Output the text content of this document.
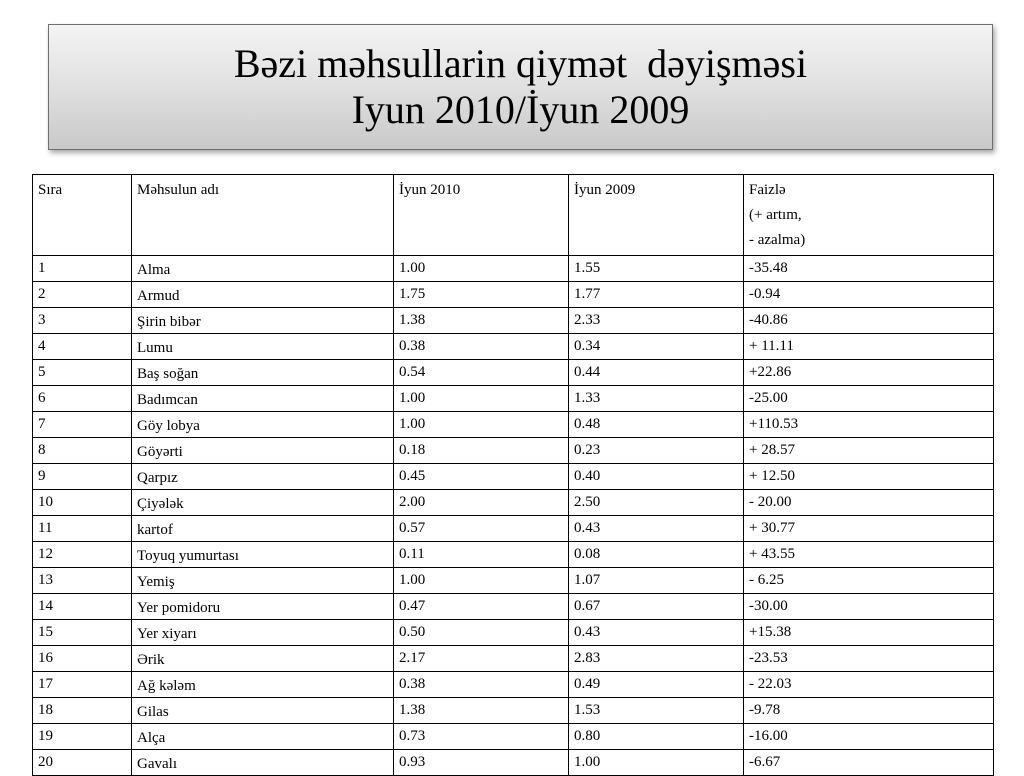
Bəzi məhsullarin qiymət  dəyişməsi
Iyun 2010/İyun 2009
Sıra	Məhsulun adı	İyun 2010	İyun 2009	Faizlə
(+ artım,
- azalma)

1	Alma	1.00	1.55	-35.48
2	Armud	1.75	1.77	-0.94
3	Şirin bibər	1.38	2.33	-40.86
4	Lumu	0.38	0.34	+ 11.11
5	Baş soğan	0.54	0.44	+22.86
6	Badımcan	1.00	1.33	-25.00
7	Göy lobya	1.00	0.48	+110.53
8	Göyərti	0.18	0.23	+ 28.57
9	Qarpız	0.45	0.40	+ 12.50
10	Çiyələk	2.00	2.50	- 20.00
11	kartof	0.57	0.43	+ 30.77
12	Toyuq yumurtası	0.11	0.08	+ 43.55
13	Yemiş	1.00	1.07	- 6.25
14	Yer pomidoru	0.47	0.67	-30.00
15	Yer xiyarı	0.50	0.43	+15.38
16	Ərik	2.17	2.83	-23.53
17	Ağ kələm	0.38	0.49	- 22.03
18	Gilas	1.38	1.53	-9.78
19	Alça	0.73	0.80	-16.00
20	Gavalı	0.93	1.00	-6.67
